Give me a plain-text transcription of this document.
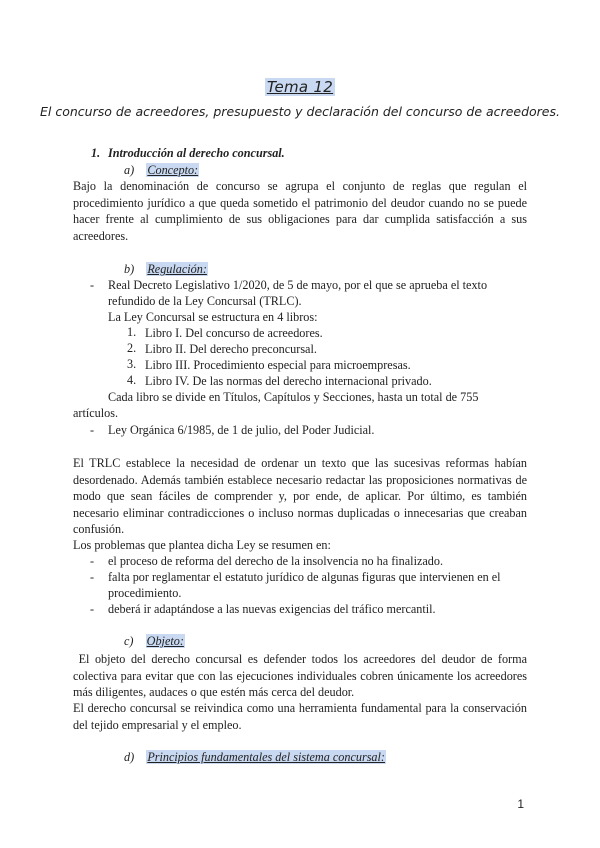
Tema 12
El concurso de acreedores, presupuesto y declaración del concurso de acreedores.
1. Introducción al derecho concursal.
a) Concepto:
Bajo la denominación de concurso se agrupa el conjunto de reglas que regulan el procedimiento jurídico a que queda sometido el patrimonio del deudor cuando no se puede hacer frente al cumplimiento de sus obligaciones para dar cumplida satisfacción a sus acreedores.
b) Regulación:
- Real Decreto Legislativo 1/2020, de 5 de mayo, por el que se aprueba el texto
refundido de la Ley Concursal (TRLC).
La Ley Concursal se estructura en 4 libros:
1. Libro I. Del concurso de acreedores.
2. Libro II. Del derecho preconcursal.
3. Libro III. Procedimiento especial para microempresas.
4. Libro IV. De las normas del derecho internacional privado.
Cada libro se divide en Títulos, Capítulos y Secciones, hasta un total de 755
artículos.
- Ley Orgánica 6/1985, de 1 de julio, del Poder Judicial.
El TRLC establece la necesidad de ordenar un texto que las sucesivas reformas habían desordenado. Además también establece necesario redactar las proposiciones normativas de modo que sean fáciles de comprender y, por ende, de aplicar. Por último, es también necesario eliminar contradicciones o incluso normas duplicadas o innecesarias que creaban confusión.
Los problemas que plantea dicha Ley se resumen en:
- el proceso de reforma del derecho de la insolvencia no ha finalizado.
- falta por reglamentar el estatuto jurídico de algunas figuras que intervienen en el
procedimiento.
- deberá ir adaptándose a las nuevas exigencias del tráfico mercantil.
c) Objeto:
El objeto del derecho concursal es defender todos los acreedores del deudor de forma colectiva para evitar que con las ejecuciones individuales cobren únicamente los acreedores más diligentes, audaces o que estén más cerca del deudor.
El derecho concursal se reivindica como una herramienta fundamental para la conservación del tejido empresarial y el empleo.
d) Principios fundamentales del sistema concursal:
1
